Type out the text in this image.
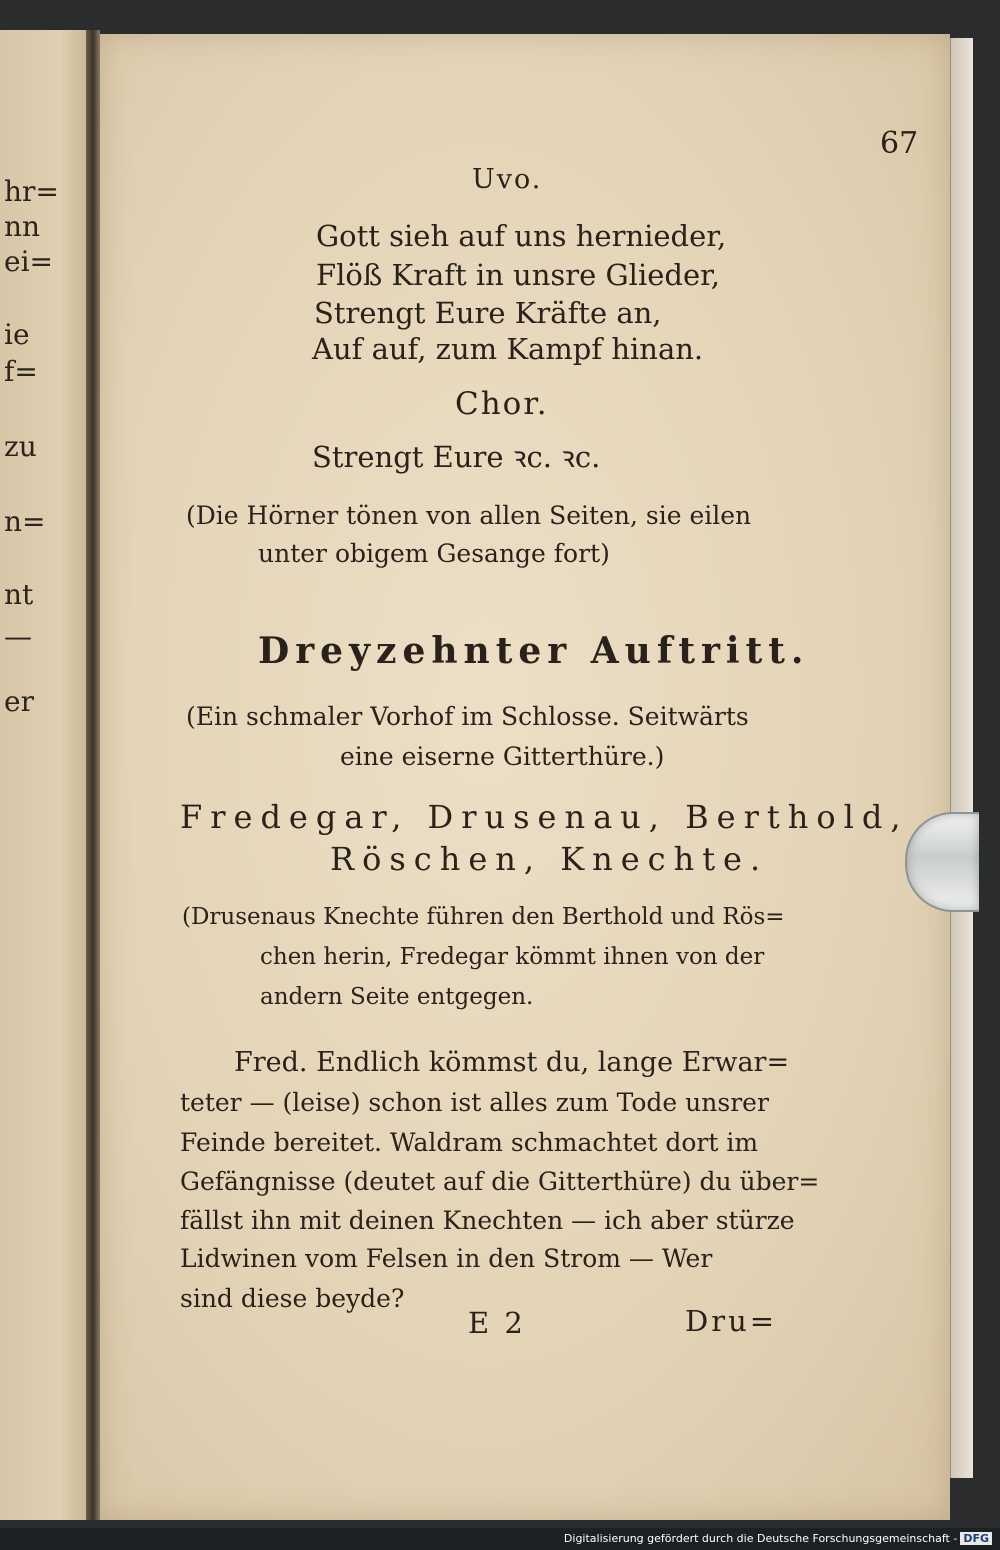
hr=
nn
ei=
ie
f=
zu
n=
nt
—
er
67
Uvo.
Gott sieh auf uns hernieder,
Flöß Kraft in unsre Glieder,
Strengt Eure Kräfte an,
Auf auf, zum Kampf hinan.
Chor.
Strengt Eure ꝛc. ꝛc.
(Die Hörner tönen von allen Seiten, sie eilen
unter obigem Gesange fort)
Dreyzehnter Auftritt.
(Ein schmaler Vorhof im Schlosse. Seitwärts
eine eiserne Gitterthüre.)
Fredegar, Drusenau, Berthold,
Röschen, Knechte.
(Drusenaus Knechte führen den Berthold und Rös=
chen herin, Fredegar kömmt ihnen von der
andern Seite entgegen.
Fred. Endlich kömmst du, lange Erwar=
teter — (leise) schon ist alles zum Tode unsrer
Feinde bereitet. Waldram schmachtet dort im
Gefängnisse (deutet auf die Gitterthüre) du über=
fällst ihn mit deinen Knechten — ich aber stürze
Lidwinen vom Felsen in den Strom — Wer
sind diese beyde?
E 2	Dru=
Digitalisierung gefördert durch die Deutsche Forschungsgemeinschaft - DFG
